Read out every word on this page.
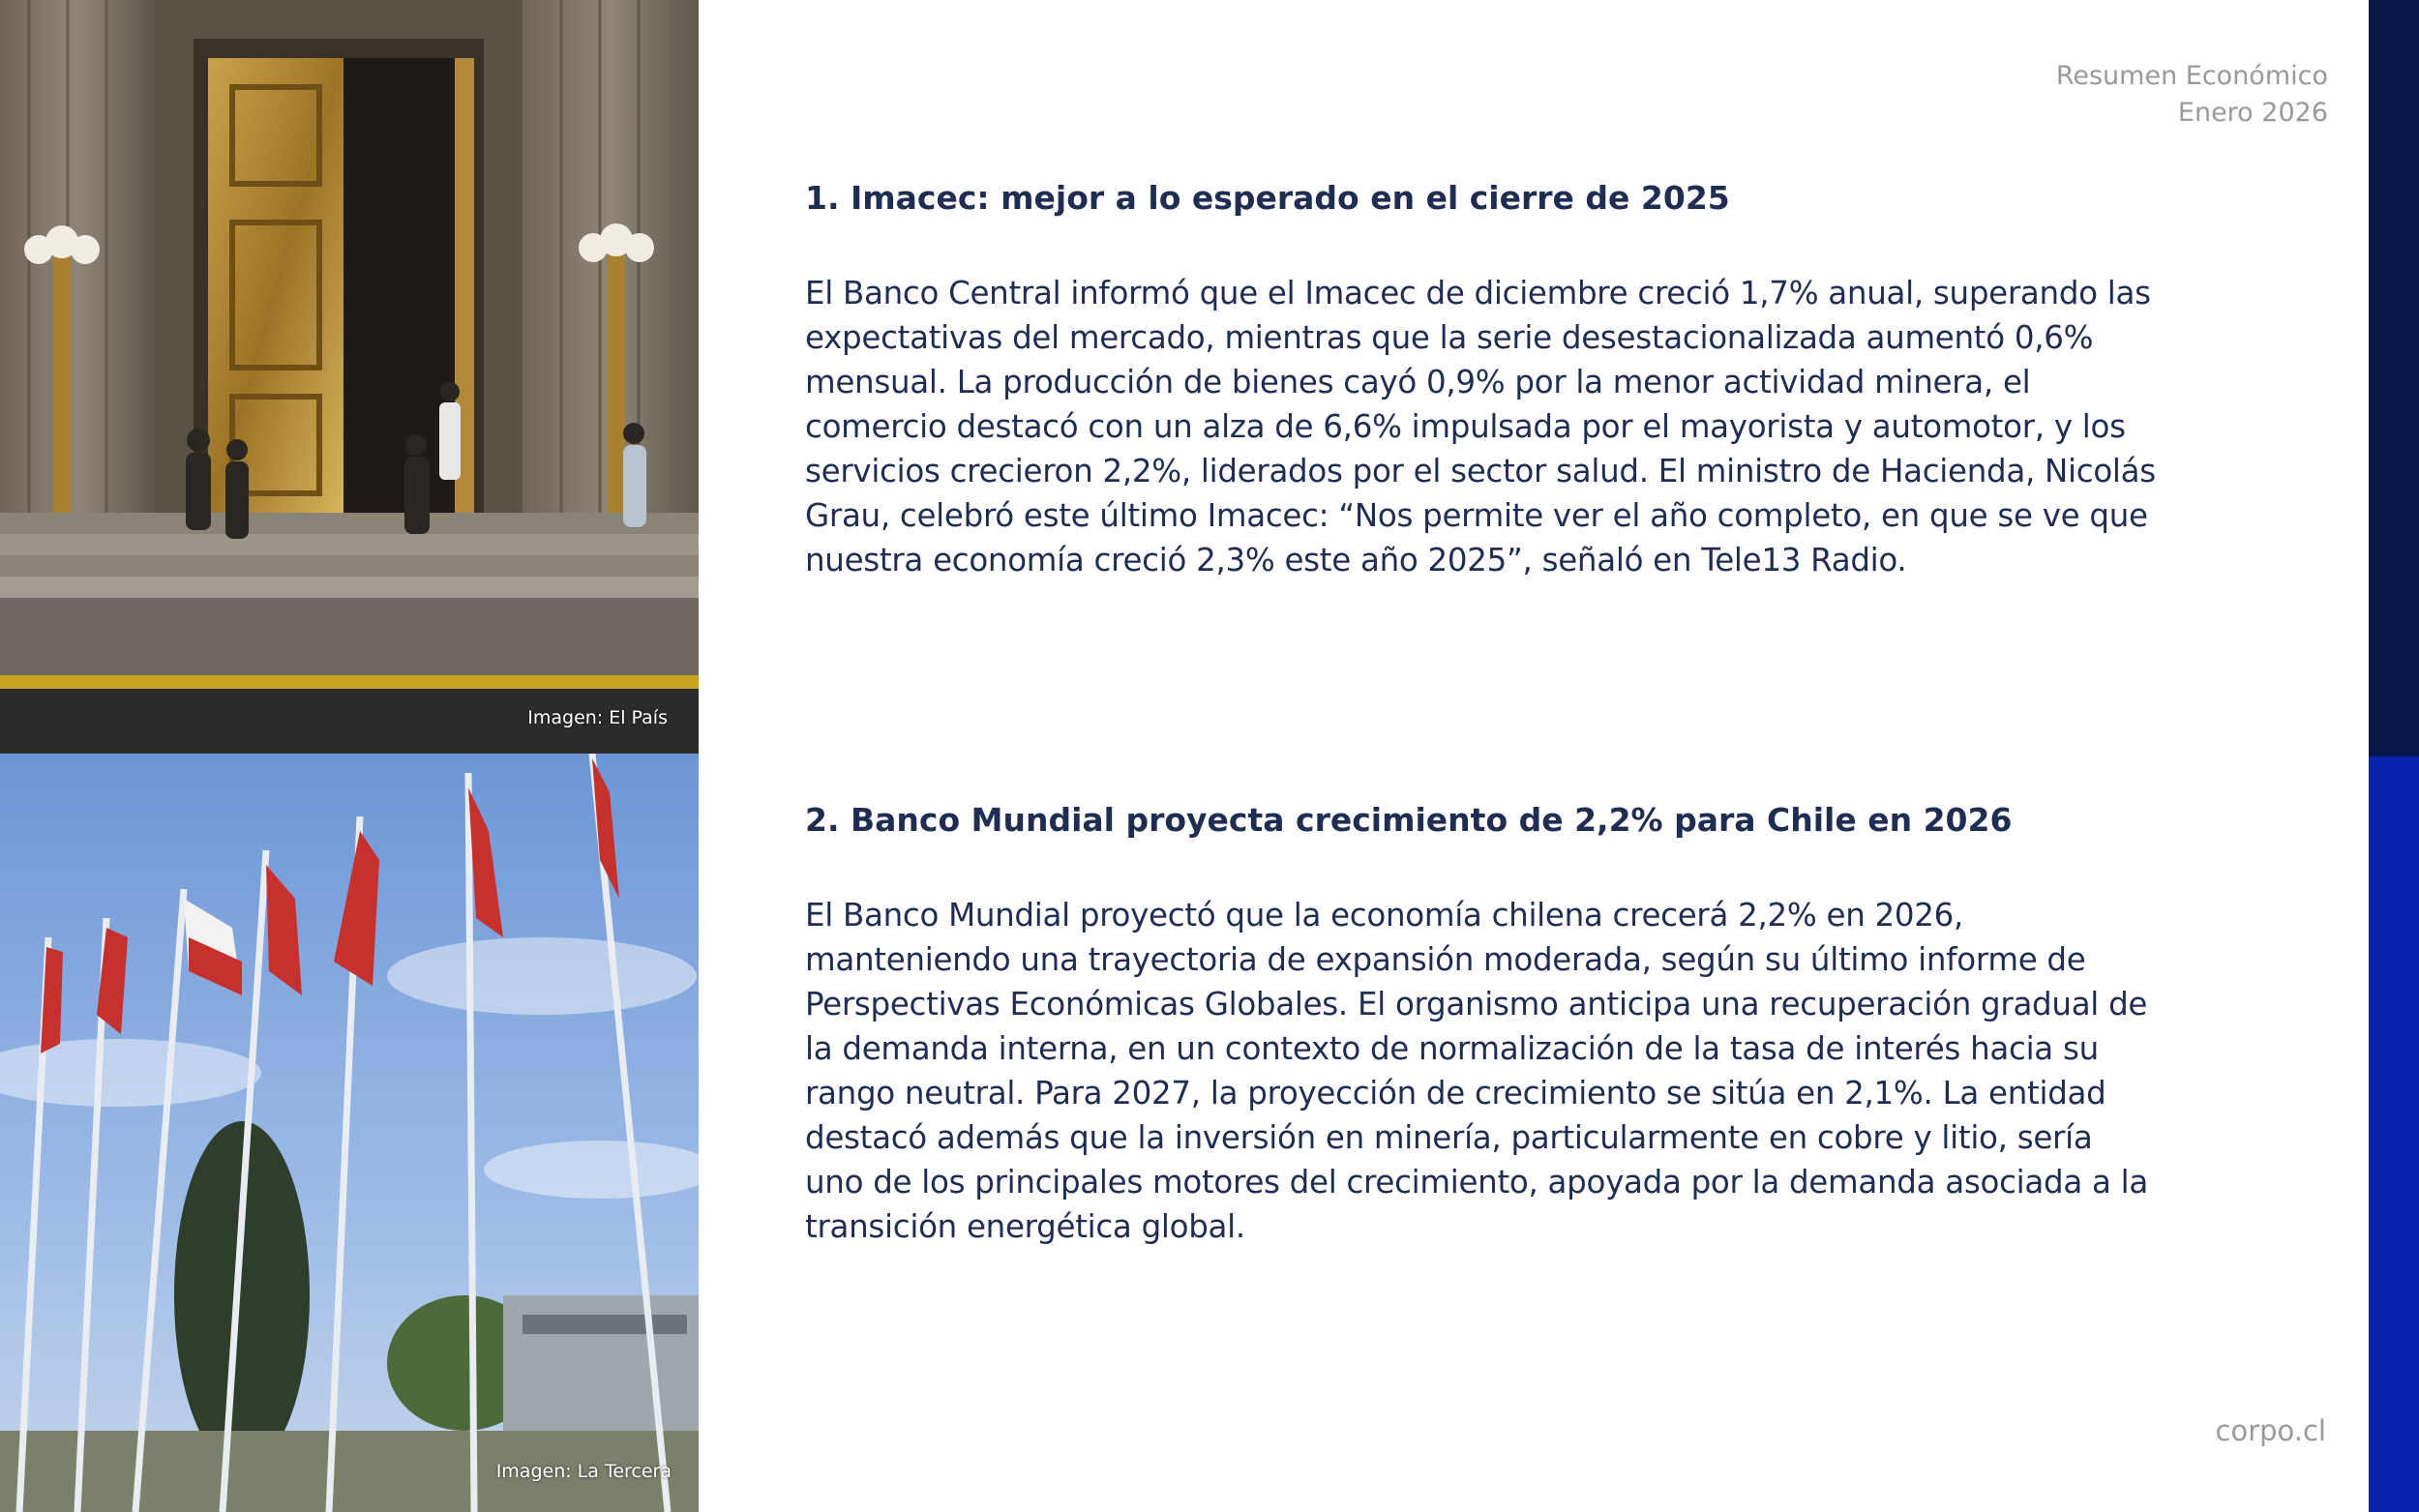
Imagen: El País
Imagen: La Tercera
Resumen Económico
Enero 2026
1. Imacec: mejor a lo esperado en el cierre de 2025

El Banco Central informó que el Imacec de diciembre creció 1,7% anual, superando las expectativas del mercado, mientras que la serie desestacionalizada aumentó 0,6% mensual. La producción de bienes cayó 0,9% por la menor actividad minera, el comercio destacó con un alza de 6,6% impulsada por el mayorista y automotor, y los servicios crecieron 2,2%, liderados por el sector salud. El ministro de Hacienda, Nicolás Grau, celebró este último Imacec: “Nos permite ver el año completo, en que se ve que nuestra economía creció 2,3% este año 2025”, señaló en Tele13 Radio.

2. Banco Mundial proyecta crecimiento de 2,2% para Chile en 2026

El Banco Mundial proyectó que la economía chilena crecerá 2,2% en 2026, manteniendo una trayectoria de expansión moderada, según su último informe de Perspectivas Económicas Globales. El organismo anticipa una recuperación gradual de la demanda interna, en un contexto de normalización de la tasa de interés hacia su rango neutral. Para 2027, la proyección de crecimiento se sitúa en 2,1%. La entidad destacó además que la inversión en minería, particularmente en cobre y litio, sería uno de los principales motores del crecimiento, apoyada por la demanda asociada a la transición energética global.

corpo.cl
